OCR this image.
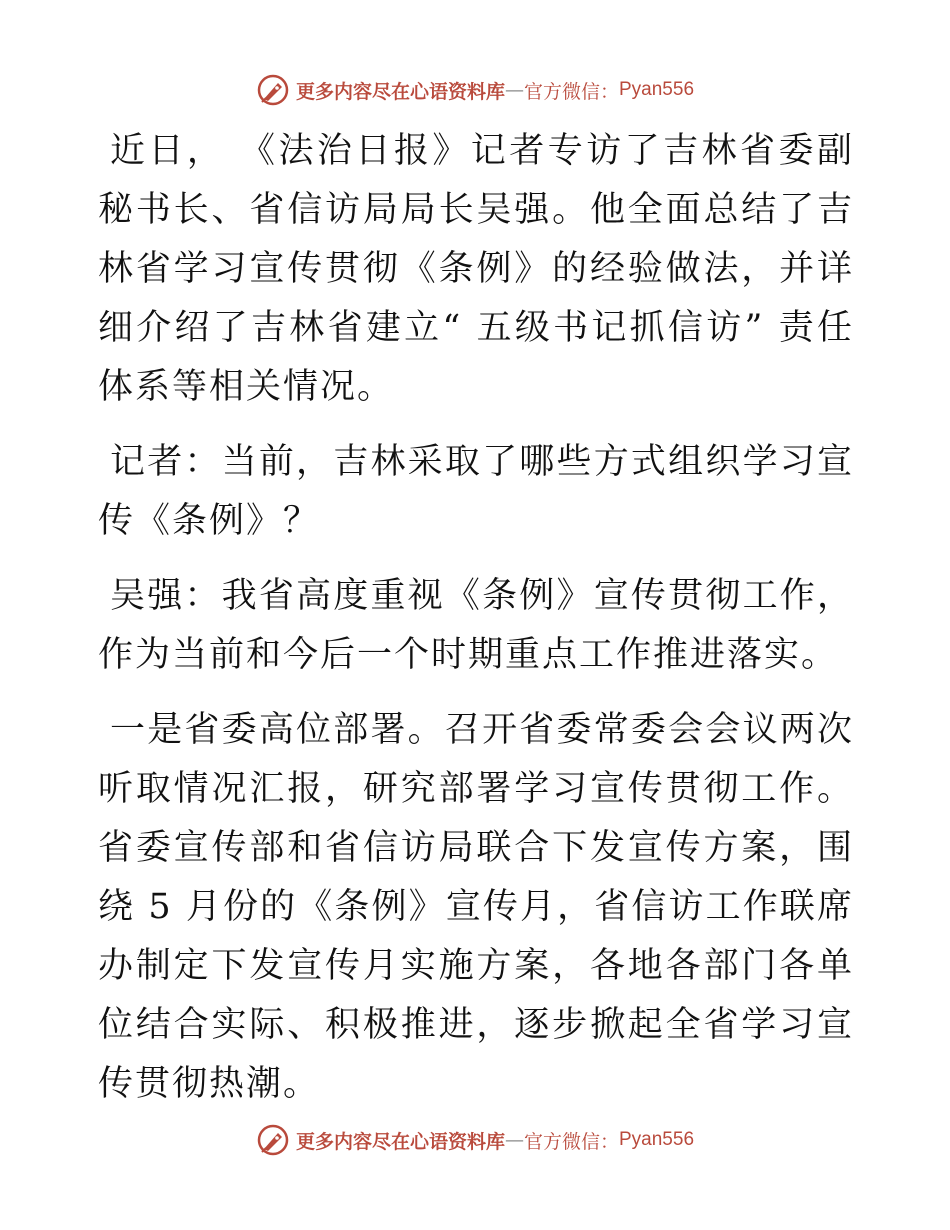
更多内容尽在心语资料库 — 官方微信： Pyan556

近日， 《法治日报》记者专访了吉林省委副秘书长、省信访局局长吴强。他全面总结了吉林省学习宣传贯彻《条例》的经验做法，并详细介绍了吉林省建立“ 五级书记抓信访” 责任体系等相关情况。

记者：当前，吉林采取了哪些方式组织学习宣传《条例》？

吴强：我省高度重视《条例》宣传贯彻工作，作为当前和今后一个时期重点工作推进落实。

一是省委高位部署。召开省委常委会会议两次听取情况汇报，研究部署学习宣传贯彻工作。省委宣传部和省信访局联合下发宣传方案，围绕 5 月份的《条例》宣传月，省信访工作联席办制定下发宣传月实施方案，各地各部门各单位结合实际、积极推进，逐步掀起全省学习宣传贯彻热潮。

更多内容尽在心语资料库 — 官方微信： Pyan556
